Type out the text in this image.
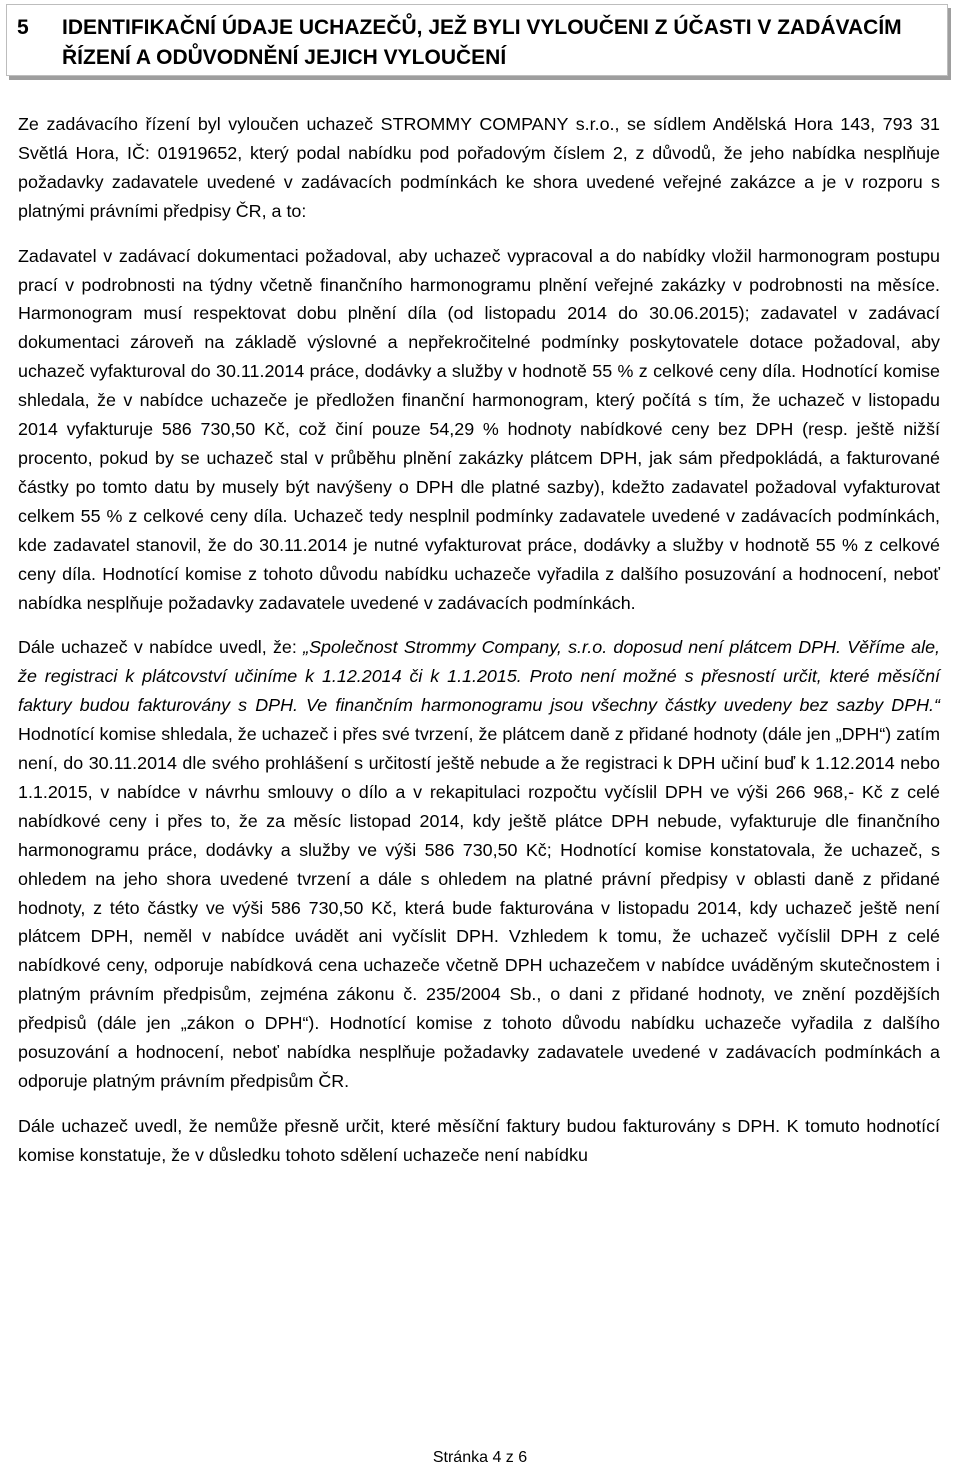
5 IDENTIFIKAČNÍ ÚDAJE UCHAZEČŮ, JEŽ BYLI VYLOUČENI Z ÚČASTI V ZADÁVACÍM ŘÍZENÍ A ODŮVODNĚNÍ JEJICH VYLOUČENÍ

Ze zadávacího řízení byl vyloučen uchazeč STROMMY COMPANY s.r.o., se sídlem Andělská Hora 143, 793 31 Světlá Hora, IČ: 01919652, který podal nabídku pod pořadovým číslem 2, z důvodů, že jeho nabídka nesplňuje požadavky zadavatele uvedené v zadávacích podmínkách ke shora uvedené veřejné zakázce a je v rozporu s platnými právními předpisy ČR, a to:

Zadavatel v zadávací dokumentaci požadoval, aby uchazeč vypracoval a do nabídky vložil harmonogram postupu prací v podrobnosti na týdny včetně finančního harmonogramu plnění veřejné zakázky v podrobnosti na měsíce. Harmonogram musí respektovat dobu plnění díla (od listopadu 2014 do 30.06.2015); zadavatel v zadávací dokumentaci zároveň na základě výslovné a nepřekročitelné podmínky poskytovatele dotace požadoval, aby uchazeč vyfakturoval do 30.11.2014 práce, dodávky a služby v hodnotě 55 % z celkové ceny díla. Hodnotící komise shledala, že v nabídce uchazeče je předložen finanční harmonogram, který počítá s tím, že uchazeč v listopadu 2014 vyfakturuje 586 730,50 Kč, což činí pouze 54,29 % hodnoty nabídkové ceny bez DPH (resp. ještě nižší procento, pokud by se uchazeč stal v průběhu plnění zakázky plátcem DPH, jak sám předpokládá, a fakturované částky po tomto datu by musely být navýšeny o DPH dle platné sazby), kdežto zadavatel požadoval vyfakturovat celkem 55 % z celkové ceny díla. Uchazeč tedy nesplnil podmínky zadavatele uvedené v zadávacích podmínkách, kde zadavatel stanovil, že do 30.11.2014 je nutné vyfakturovat práce, dodávky a služby v hodnotě 55 % z celkové ceny díla. Hodnotící komise z tohoto důvodu nabídku uchazeče vyřadila z dalšího posuzování a hodnocení, neboť nabídka nesplňuje požadavky zadavatele uvedené v zadávacích podmínkách.

Dále uchazeč v nabídce uvedl, že: „Společnost Strommy Company, s.r.o. doposud není plátcem DPH. Věříme ale, že registraci k plátcovství učiníme k 1.12.2014 či k 1.1.2015. Proto není možné s přesností určit, které měsíční faktury budou fakturovány s DPH. Ve finančním harmonogramu jsou všechny částky uvedeny bez sazby DPH.“ Hodnotící komise shledala, že uchazeč i přes své tvrzení, že plátcem daně z přidané hodnoty (dále jen „DPH“) zatím není, do 30.11.2014 dle svého prohlášení s určitostí ještě nebude a že registraci k DPH učiní buď k 1.12.2014 nebo 1.1.2015, v nabídce v návrhu smlouvy o dílo a v rekapitulaci rozpočtu vyčíslil DPH ve výši 266 968,- Kč z celé nabídkové ceny i přes to, že za měsíc listopad 2014, kdy ještě plátce DPH nebude, vyfakturuje dle finančního harmonogramu práce, dodávky a služby ve výši 586 730,50 Kč; Hodnotící komise konstatovala, že uchazeč, s ohledem na jeho shora uvedené tvrzení a dále s ohledem na platné právní předpisy v oblasti daně z přidané hodnoty, z této částky ve výši 586 730,50 Kč, která bude fakturována v listopadu 2014, kdy uchazeč ještě není plátcem DPH, neměl v nabídce uvádět ani vyčíslit DPH. Vzhledem k tomu, že uchazeč vyčíslil DPH z celé nabídkové ceny, odporuje nabídková cena uchazeče včetně DPH uchazečem v nabídce uváděným skutečnostem i platným právním předpisům, zejména zákonu č. 235/2004 Sb., o dani z přidané hodnoty, ve znění pozdějších předpisů (dále jen „zákon o DPH“). Hodnotící komise z tohoto důvodu nabídku uchazeče vyřadila z dalšího posuzování a hodnocení, neboť nabídka nesplňuje požadavky zadavatele uvedené v zadávacích podmínkách a odporuje platným právním předpisům ČR.

Dále uchazeč uvedl, že nemůže přesně určit, které měsíční faktury budou fakturovány s DPH. K tomuto hodnotící komise konstatuje, že v důsledku tohoto sdělení uchazeče není nabídku

Stránka 4 z 6
